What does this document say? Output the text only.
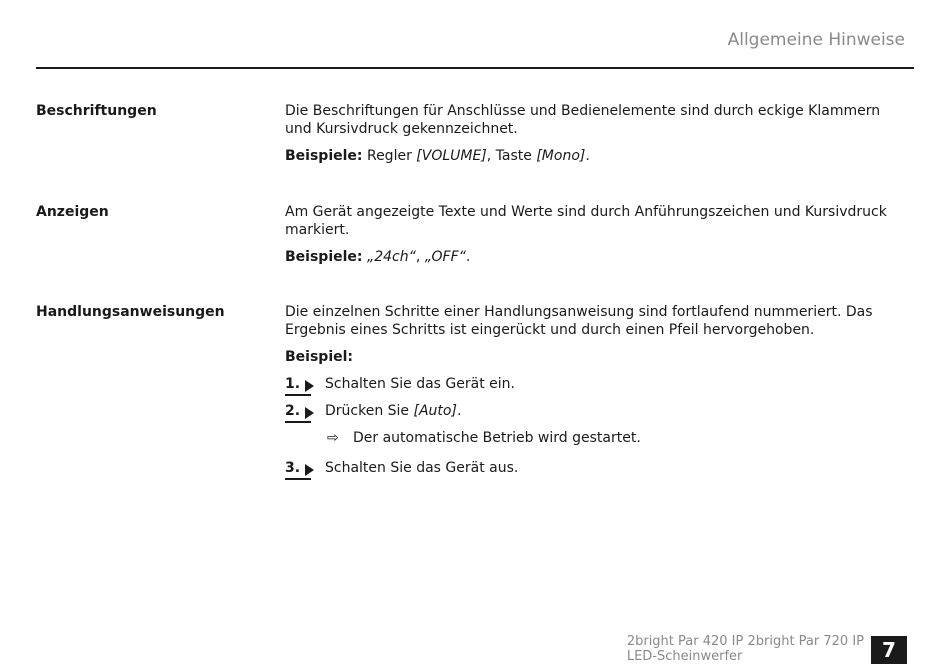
Allgemeine Hinweise
Beschriftungen	Die Beschriftungen für Anschlüsse und Bedienelemente sind durch eckige Klammern und Kursivdruck gekennzeichnet.

Beispiele: Regler [VOLUME], Taste [Mono].

Anzeigen	Am Gerät angezeigte Texte und Werte sind durch Anführungszeichen und Kursivdruck markiert.

Beispiele: „24ch“, „OFF“.

Handlungsanweisungen	Die einzelnen Schritte einer Handlungsanweisung sind fortlaufend nummeriert. Das Ergebnis eines Schritts ist eingerückt und durch einen Pfeil hervorgehoben.

Beispiel:

1. Schalten Sie das Gerät ein.
2. Drücken Sie [Auto].
⇨ Der automatische Betrieb wird gestartet.
3. Schalten Sie das Gerät aus.
2bright Par 420 IP 2bright Par 720 IP
LED-Scheinwerfer	7
